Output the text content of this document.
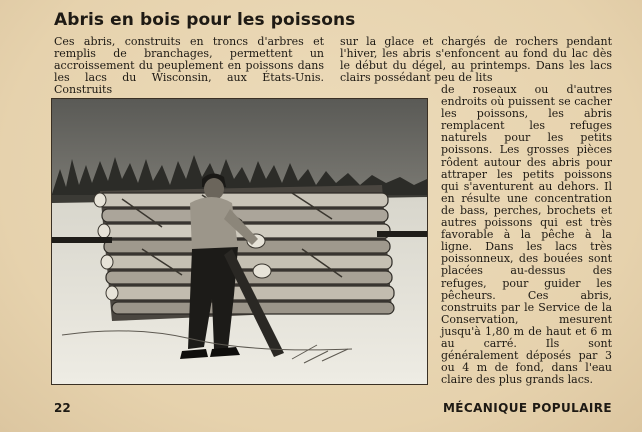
Abris en bois pour les poissons

Ces abris, construits en troncs d'arbres et remplis de branchages, permettent un accroissement du peuplement en poissons dans les lacs du Wisconsin, aux États-Unis. Construits

sur la glace et chargés de rochers pendant l'hiver, les abris s'enfoncent au fond du lac dès le début du dégel, au printemps. Dans les lacs clairs possédant peu de lits

de roseaux ou d'autres endroits où puissent se cacher les poissons, les abris remplacent les refuges naturels pour les petits poissons. Les grosses pièces rôdent autour des abris pour attraper les petits poissons qui s'aventurent au dehors. Il en résulte une concentration de bass, perches, brochets et autres poissons qui est très favorable à la pêche à la ligne. Dans les lacs très poissonneux, des bouées sont placées au-dessus des refuges, pour guider les pêcheurs. Ces abris, construits par le Service de la Conservation, mesurent jusqu'à 1,80 m de haut et 6 m au carré. Ils sont généralement déposés par 3 ou 4 m de fond, dans l'eau claire des plus grands lacs.

22	MÉCANIQUE POPULAIRE
